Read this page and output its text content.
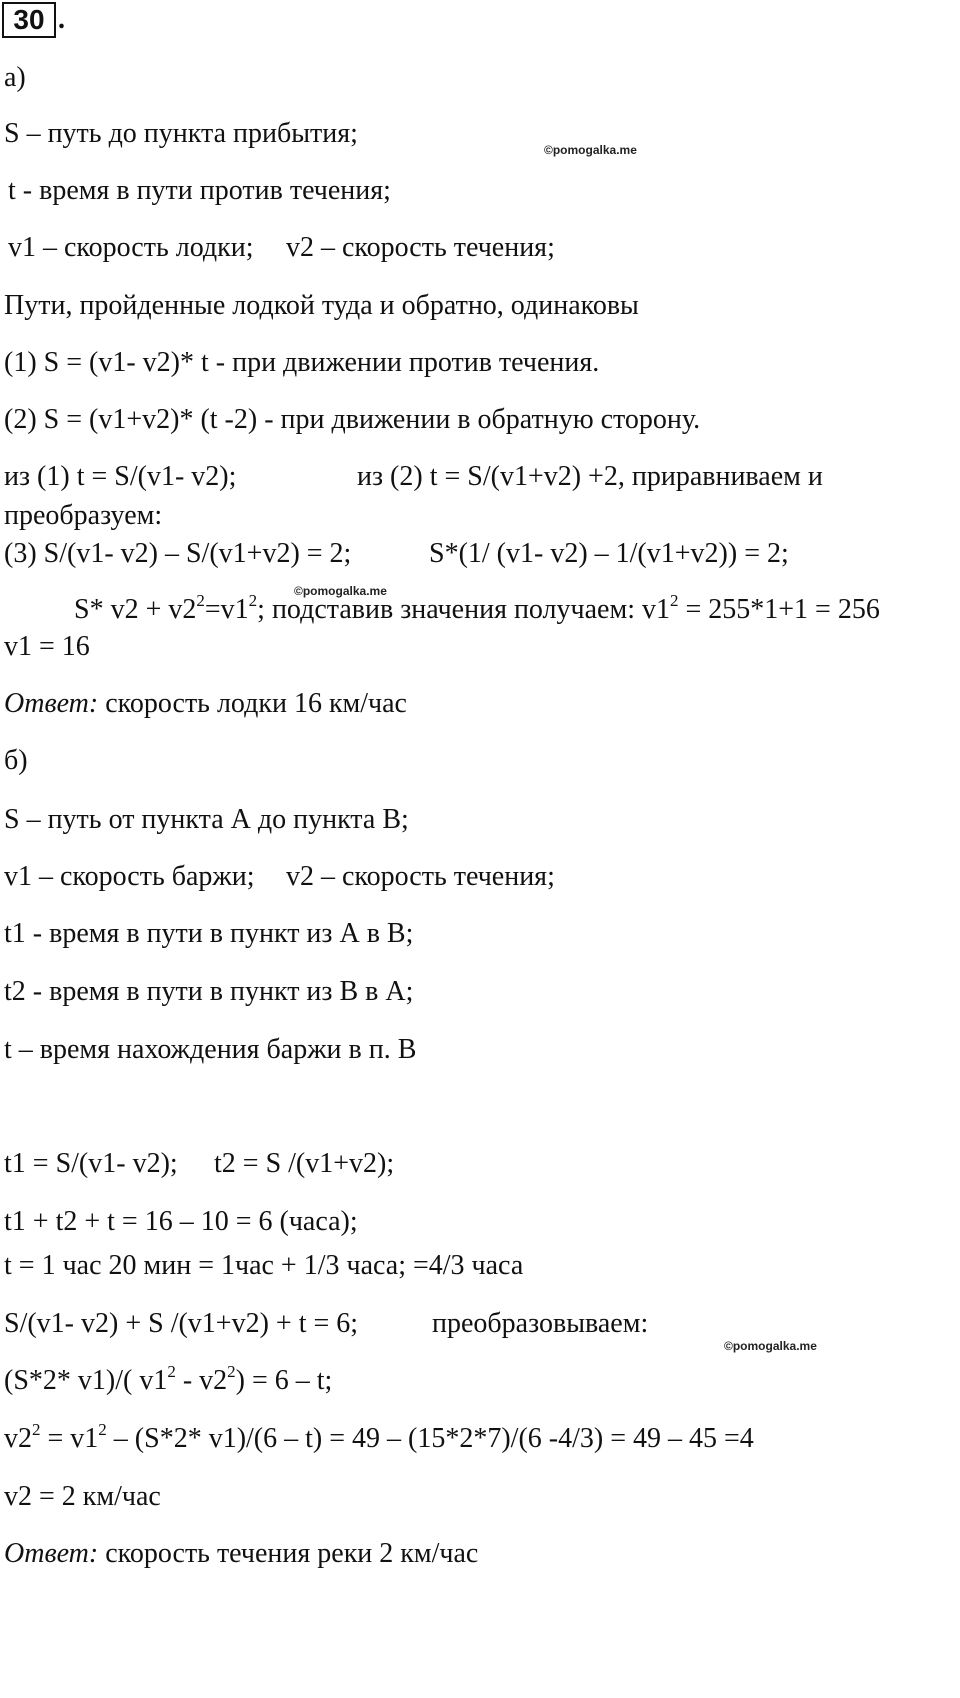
30 .
©pomogalka.me
©pomogalka.me
©pomogalka.me
а)
S – путь до пункта прибытия;
t - время в пути против течения;
v1 – скорость лодки; v2 – скорость течения;
Пути, пройденные лодкой туда и обратно, одинаковы
(1) S = (v1- v2)* t - при движении против течения.
(2) S = (v1+v2)* (t -2) - при движении в обратную сторону.
из (1) t = S/(v1- v2);	из (2) t = S/(v1+v2) +2, приравниваем и
преобразуем:
(3) S/(v1- v2) – S/(v1+v2) = 2;	S*(1/ (v1- v2) – 1/(v1+v2)) = 2;
S* $v2 + v2^2=v1^2$; подставив значения получаем: $v1^2 = 255*1+1 = 256$
v1 = 16
Ответ: скорость лодки 16 км/час
б)
S – путь от пункта А до пункта В;
v1 – скорость баржи; v2 – скорость течения;
t1 - время в пути в пункт из А в В;
t2 - время в пути в пункт из В в А;
t – время нахождения баржи в п. В
t1 = S/(v1- v2); t2 = S /(v1+v2);
t1 + t2 + t = 16 – 10 = 6 (часа);
t = 1 час 20 мин = 1час + 1/3 часа; =4/3 часа
S/(v1- v2) + S /(v1+v2) + t = 6;	преобразовываем:
(S*2* v1)/( $v1^2 - v2^2) = 6 - t$;
$v2^2 = v1^2 - (S*2*$ v1)/(6 – t) = 49 – (15*2*7)/(6 -4/3) = 49 – 45 =4
v2 = 2 км/час
Ответ: скорость течения реки 2 км/час
